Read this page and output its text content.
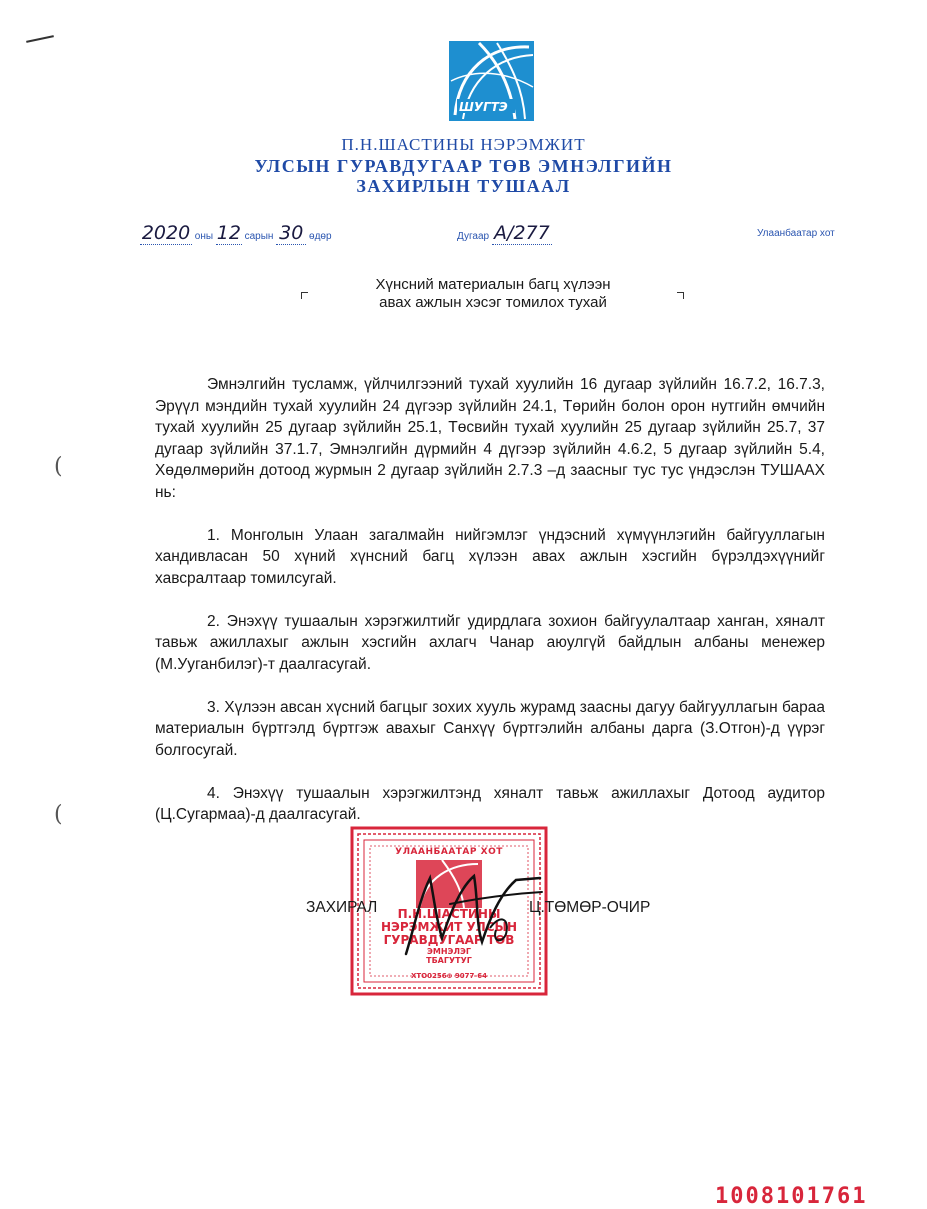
ШУГТЭ
П.Н.ШАСТИНЫ НЭРЭМЖИТ
УЛСЫН ГУРАВДУГААР ТӨВ ЭМНЭЛГИЙН
ЗАХИРЛЫН ТУШААЛ
2020 оны 12 сарын 30 өдөр	Дугаар А/277	Улаанбаатар хот
Хүнсний материалын багц хүлээн
авах ажлын хэсэг томилох тухай

Эмнэлгийн тусламж, үйлчилгээний тухай хуулийн 16 дугаар зүйлийн 16.7.2, 16.7.3, Эрүүл мэндийн тухай хуулийн 24 дүгээр зүйлийн 24.1, Төрийн болон орон нутгийн өмчийн тухай хуулийн 25 дугаар зүйлийн 25.1, Төсвийн тухай хуулийн 25 дугаар зүйлийн 25.7, 37 дугаар зүйлийн 37.1.7, Эмнэлгийн дүрмийн 4 дүгээр зүйлийн 4.6.2, 5 дугаар зүйлийн 5.4, Хөдөлмөрийн дотоод журмын 2 дугаар зүйлийн 2.7.3 –д заасныг тус тус үндэслэн ТУШААХ нь:

1. Монголын Улаан загалмайн нийгэмлэг үндэсний хүмүүнлэгийн байгууллагын хандивласан 50 хүний хүнсний багц хүлээн авах ажлын хэсгийн бүрэлдэхүүнийг хавсралтаар томилсугай.

2. Энэхүү тушаалын хэрэгжилтийг удирдлага зохион байгуулалтаар ханган, хяналт тавьж ажиллахыг ажлын хэсгийн ахлагч Чанар аюулгүй байдлын албаны менежер (М.Ууганбилэг)-т даалгасугай.

3. Хүлээн авсан хүсний багцыг зохих хууль журамд заасны дагуу байгууллагын бараа материалын бүртгэлд бүртгэж авахыг Санхүү бүртгэлийн албаны дарга (З.Отгон)-д үүрэг болгосугай.

4. Энэхүү тушаалын хэрэгжилтэнд хяналт тавьж ажиллахыг Дотоод аудитор (Ц.Сугармаа)-д даалгасугай.

(
(
УЛААНБААТАР ХОТ
П.Н.ШАСТИНЫ
НЭРЭМЖИТ УЛСЫН
ГУРАВДУГААР ТӨВ
ЭМНЭЛЭГ
ТБАГУТУГ
ХТО0256⊕ 9077-64
ЗАХИРАЛ	Ц.ТӨМӨР-ОЧИР
1008101761
